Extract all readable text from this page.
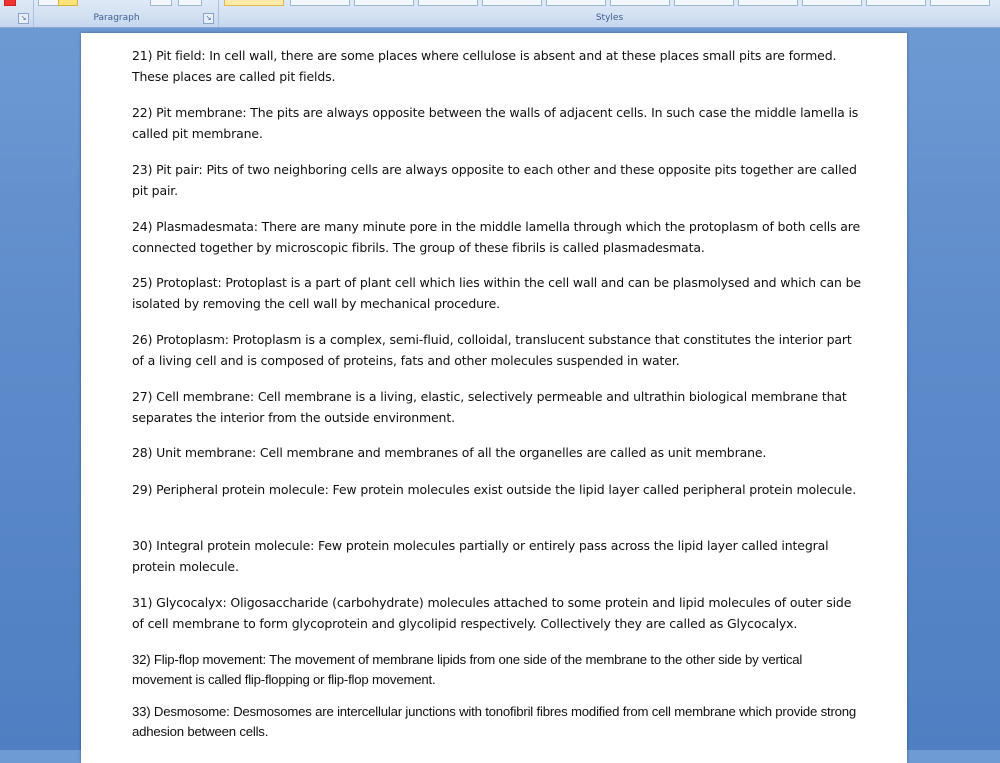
↘	Paragraph	↘	Styles
21) Pit field: In cell wall, there are some places where cellulose is absent and at these places small pits are formed. These places are called pit fields.
22) Pit membrane: The pits are always opposite between the walls of adjacent cells. In such case the middle lamella is called pit membrane.
23) Pit pair: Pits of two neighboring cells are always opposite to each other and these opposite pits together are called pit pair.
24) Plasmadesmata: There are many minute pore in the middle lamella through which the protoplasm of both cells are connected together by microscopic fibrils. The group of these fibrils is called plasmadesmata.
25) Protoplast: Protoplast is a part of plant cell which lies within the cell wall and can be plasmolysed and which can be isolated by removing the cell wall by mechanical procedure.
26) Protoplasm: Protoplasm is a complex, semi-fluid, colloidal, translucent substance that constitutes the interior part of a living cell and is composed of proteins, fats and other molecules suspended in water.
27) Cell membrane: Cell membrane is a living, elastic, selectively permeable and ultrathin biological membrane that separates the interior from the outside environment.
28) Unit membrane: Cell membrane and membranes of all the organelles are called as unit membrane.
29) Peripheral protein molecule: Few protein molecules exist outside the lipid layer called peripheral protein molecule.
30) Integral protein molecule: Few protein molecules partially or entirely pass across the lipid layer called integral protein molecule.
31) Glycocalyx: Oligosaccharide (carbohydrate) molecules attached to some protein and lipid molecules of outer side of cell membrane to form glycoprotein and glycolipid respectively. Collectively they are called as Glycocalyx.
32) Flip-flop movement: The movement of membrane lipids from one side of the membrane to the other side by vertical movement is called flip-flopping or flip-flop movement.
33) Desmosome: Desmosomes are intercellular junctions with tonofibril fibres modified from cell membrane which provide strong adhesion between cells.
